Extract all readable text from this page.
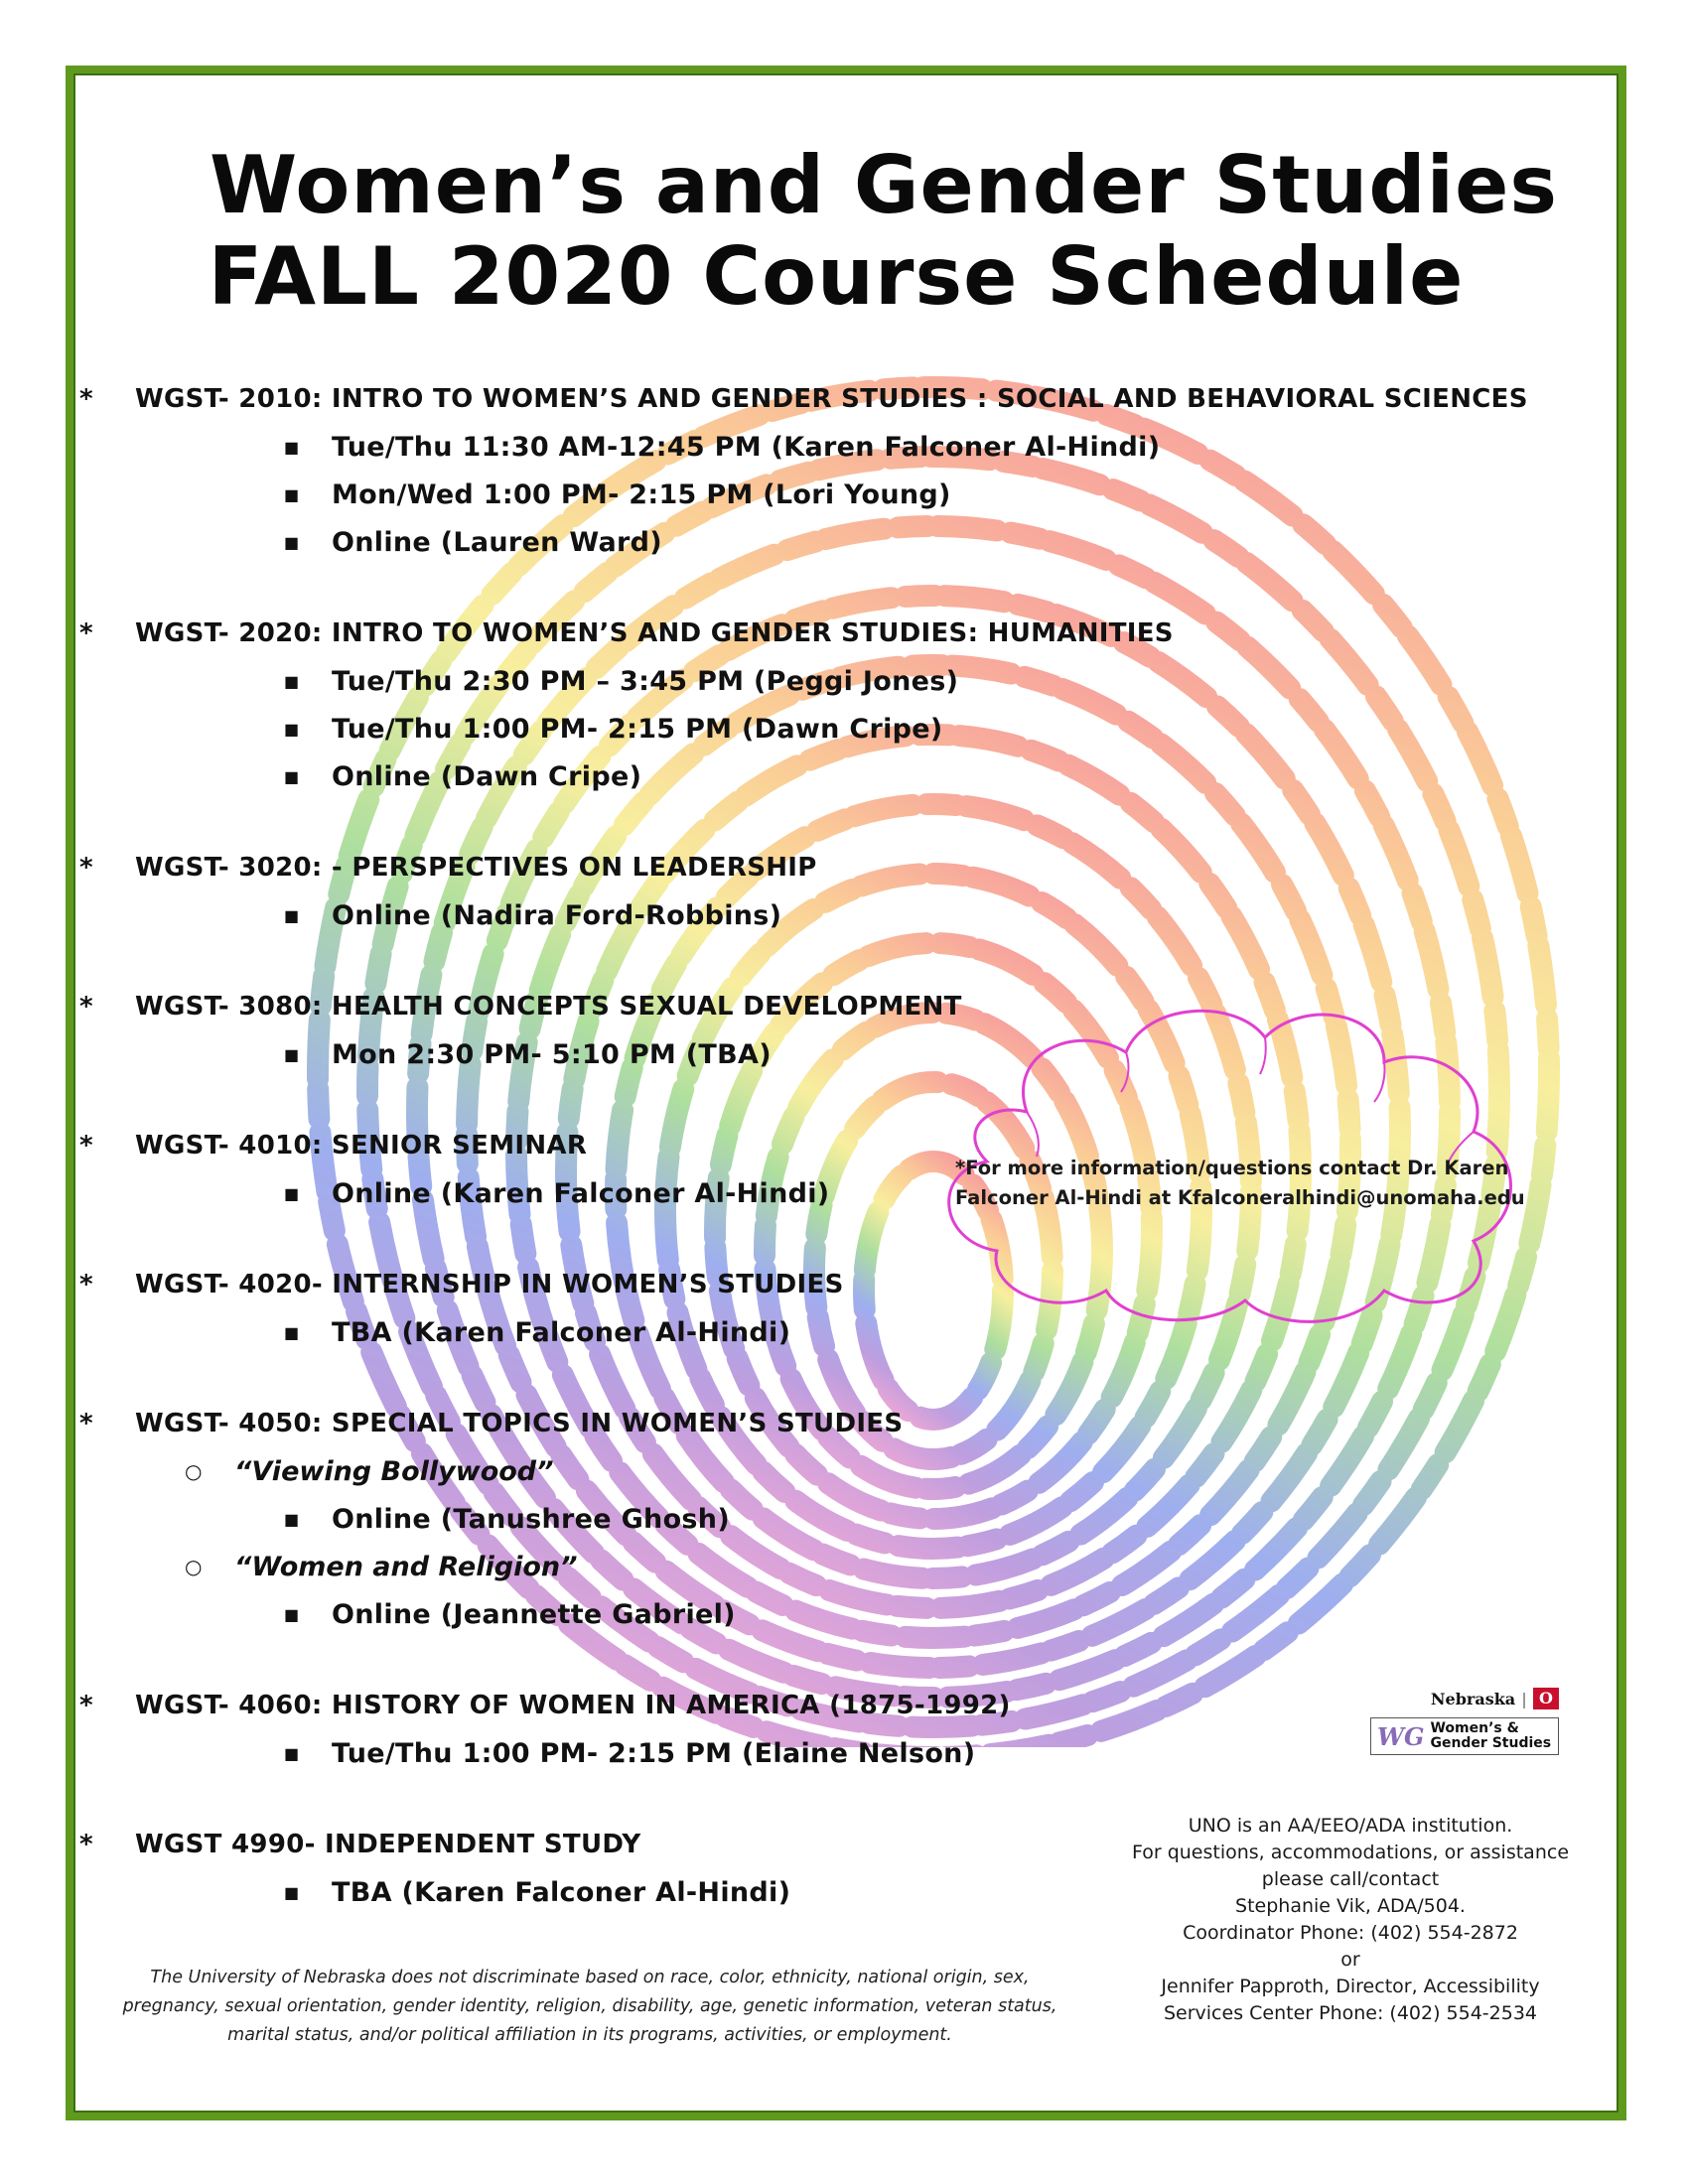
Women’s and Gender Studies
FALL 2020 Course Schedule
*	WGST- 2010: INTRO TO WOMEN’S AND GENDER STUDIES : SOCIAL AND BEHAVIORAL SCIENCES
■	Tue/Thu 11:30 AM-12:45 PM (Karen Falconer Al-Hindi)
■	Mon/Wed 1:00 PM- 2:15 PM (Lori Young)
■	Online (Lauren Ward)
*	WGST- 2020: INTRO TO WOMEN’S AND GENDER STUDIES: HUMANITIES
■	Tue/Thu 2:30 PM – 3:45 PM (Peggi Jones)
■	Tue/Thu 1:00 PM- 2:15 PM (Dawn Cripe)
■	Online (Dawn Cripe)
*	WGST- 3020: - PERSPECTIVES ON LEADERSHIP
■	Online (Nadira Ford-Robbins)
*	WGST- 3080: HEALTH CONCEPTS SEXUAL DEVELOPMENT
■	Mon 2:30 PM- 5:10 PM (TBA)
*	WGST- 4010: SENIOR SEMINAR
■	Online (Karen Falconer Al-Hindi)
*	WGST- 4020- INTERNSHIP IN WOMEN’S STUDIES
■	TBA (Karen Falconer Al-Hindi)
*	WGST- 4050: SPECIAL TOPICS IN WOMEN’S STUDIES
○	“Viewing Bollywood”
■	Online (Tanushree Ghosh)
○	“Women and Religion”
■	Online (Jeannette Gabriel)
*	WGST- 4060: HISTORY OF WOMEN IN AMERICA (1875-1992)
■	Tue/Thu 1:00 PM- 2:15 PM (Elaine Nelson)
*	WGST 4990- INDEPENDENT STUDY
■	TBA (Karen Falconer Al-Hindi)
*For more information/questions contact Dr. Karen
Falconer Al-Hindi at Kfalconeralhindi@unomaha.edu
Nebraska | O
WG Women’s &
Gender Studies
UNO is an AA/EEO/ADA institution.
For questions, accommodations, or assistance
please call/contact
Stephanie Vik, ADA/504.
Coordinator Phone: (402) 554-2872
or
Jennifer Papproth, Director, Accessibility
Services Center Phone: (402) 554-2534
The University of Nebraska does not discriminate based on race, color, ethnicity, national origin, sex, pregnancy, sexual orientation, gender identity, religion, disability, age, genetic information, veteran status, marital status, and/or political affiliation in its programs, activities, or employment.
